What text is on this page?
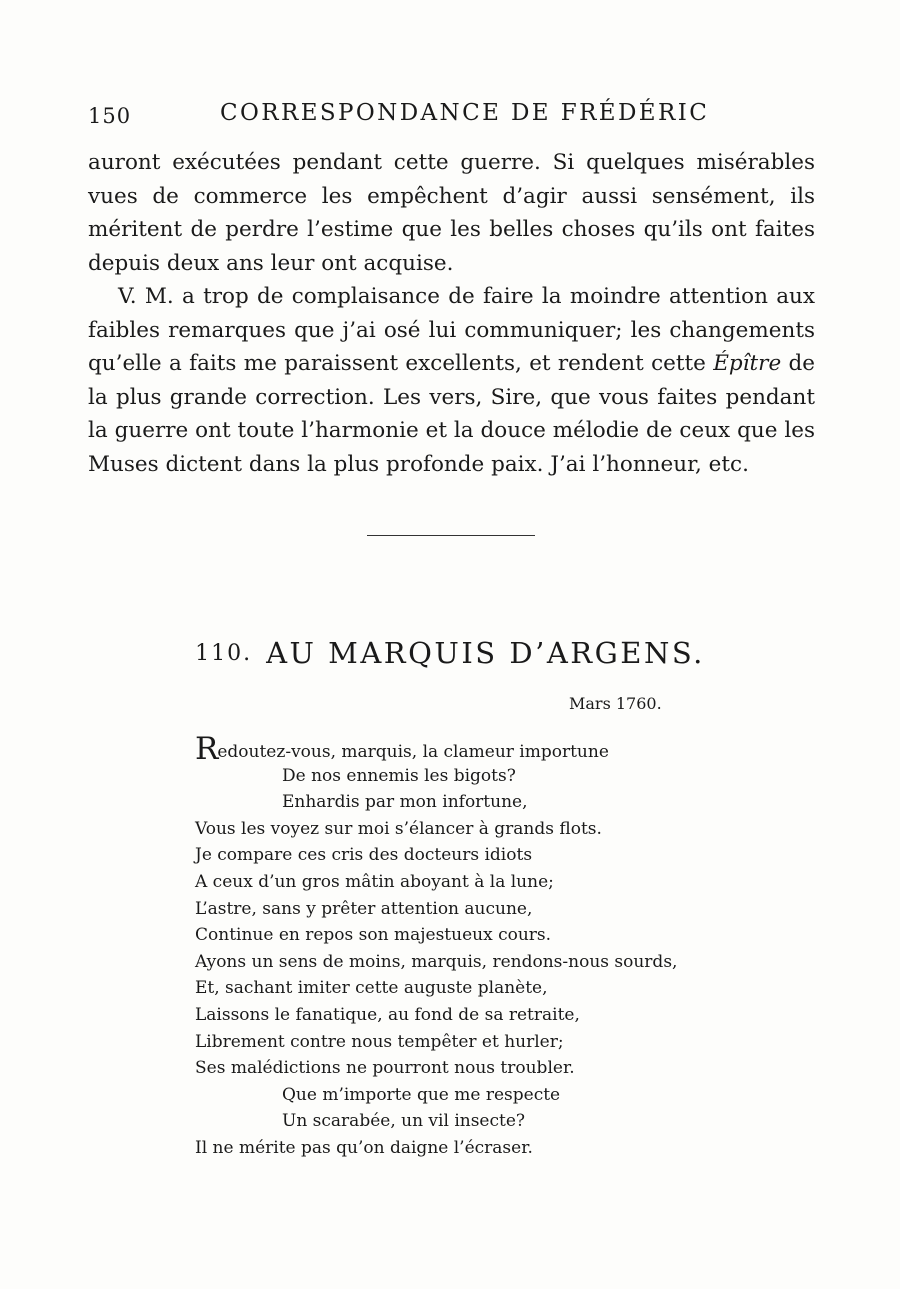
150	CORRESPONDANCE DE FRÉDÉRIC

auront exécutées pendant cette guerre. Si quelques misérables vues de commerce les empêchent d’agir aussi sensément, ils méritent de perdre l’estime que les belles choses qu’ils ont faites depuis deux ans leur ont acquise.

V. M. a trop de complaisance de faire la moindre attention aux faibles remarques que j’ai osé lui communiquer; les changements qu’elle a faits me paraissent excellents, et rendent cette Épître de la plus grande correction. Les vers, Sire, que vous faites pendant la guerre ont toute l’harmonie et la douce mélodie de ceux que les Muses dictent dans la plus profonde paix. J’ai l’honneur, etc.

110. AU MARQUIS D’ARGENS.
Mars 1760.
Redoutez-vous, marquis, la clameur importune
De nos ennemis les bigots?
Enhardis par mon infortune,
Vous les voyez sur moi s’élancer à grands flots.
Je compare ces cris des docteurs idiots
A ceux d’un gros mâtin aboyant à la lune;
L’astre, sans y prêter attention aucune,
Continue en repos son majestueux cours.
Ayons un sens de moins, marquis, rendons-nous sourds,
Et, sachant imiter cette auguste planète,
Laissons le fanatique, au fond de sa retraite,
Librement contre nous tempêter et hurler;
Ses malédictions ne pourront nous troubler.
Que m’importe que me respecte
Un scarabée, un vil insecte?
Il ne mérite pas qu’on daigne l’écraser.
